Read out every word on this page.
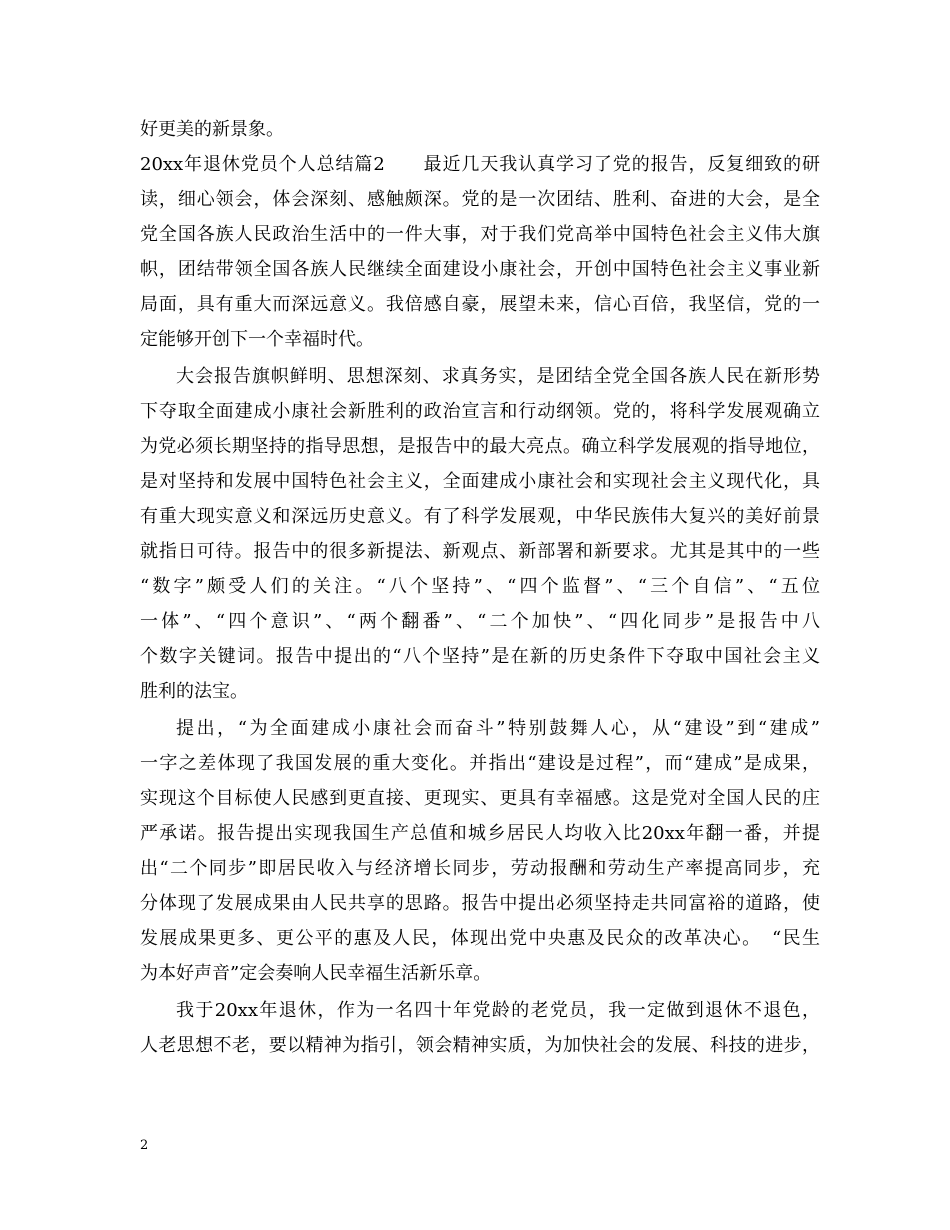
好更美的新景象。
20xx年退休党员个人总结篇2　　最近几天我认真学习了党的报告，反复细致的研
读，细心领会，体会深刻、感触颇深。党的是一次团结、胜利、奋进的大会，是全
党全国各族人民政治生活中的一件大事，对于我们党高举中国特色社会主义伟大旗
帜，团结带领全国各族人民继续全面建设小康社会，开创中国特色社会主义事业新
局面，具有重大而深远意义。我倍感自豪，展望未来，信心百倍，我坚信，党的一
定能够开创下一个幸福时代。
大会报告旗帜鲜明、思想深刻、求真务实，是团结全党全国各族人民在新形势
下夺取全面建成小康社会新胜利的政治宣言和行动纲领。党的，将科学发展观确立
为党必须长期坚持的指导思想，是报告中的最大亮点。确立科学发展观的指导地位，
是对坚持和发展中国特色社会主义，全面建成小康社会和实现社会主义现代化，具
有重大现实意义和深远历史意义。有了科学发展观，中华民族伟大复兴的美好前景
就指日可待。报告中的很多新提法、新观点、新部署和新要求。尤其是其中的一些
“数字”颇受人们的关注。“八个坚持”、“四个监督”、“三个自信”、“五位
一体”、“四个意识”、“两个翻番”、“二个加快”、“四化同步”是报告中八
个数字关键词。报告中提出的“八个坚持”是在新的历史条件下夺取中国社会主义
胜利的法宝。
提出，“为全面建成小康社会而奋斗”特别鼓舞人心，从“建设”到“建成”
一字之差体现了我国发展的重大变化。并指出“建设是过程”，而“建成”是成果，
实现这个目标使人民感到更直接、更现实、更具有幸福感。这是党对全国人民的庄
严承诺。报告提出实现我国生产总值和城乡居民人均收入比20xx年翻一番，并提
出“二个同步”即居民收入与经济增长同步，劳动报酬和劳动生产率提高同步，充
分体现了发展成果由人民共享的思路。报告中提出必须坚持走共同富裕的道路，使
发展成果更多、更公平的惠及人民，体现出党中央惠及民众的改革决心。　“民生
为本好声音”定会奏响人民幸福生活新乐章。
我于20xx年退休，作为一名四十年党龄的老党员，我一定做到退休不退色，
人老思想不老，要以精神为指引，领会精神实质，为加快社会的发展、科技的进步，
2
